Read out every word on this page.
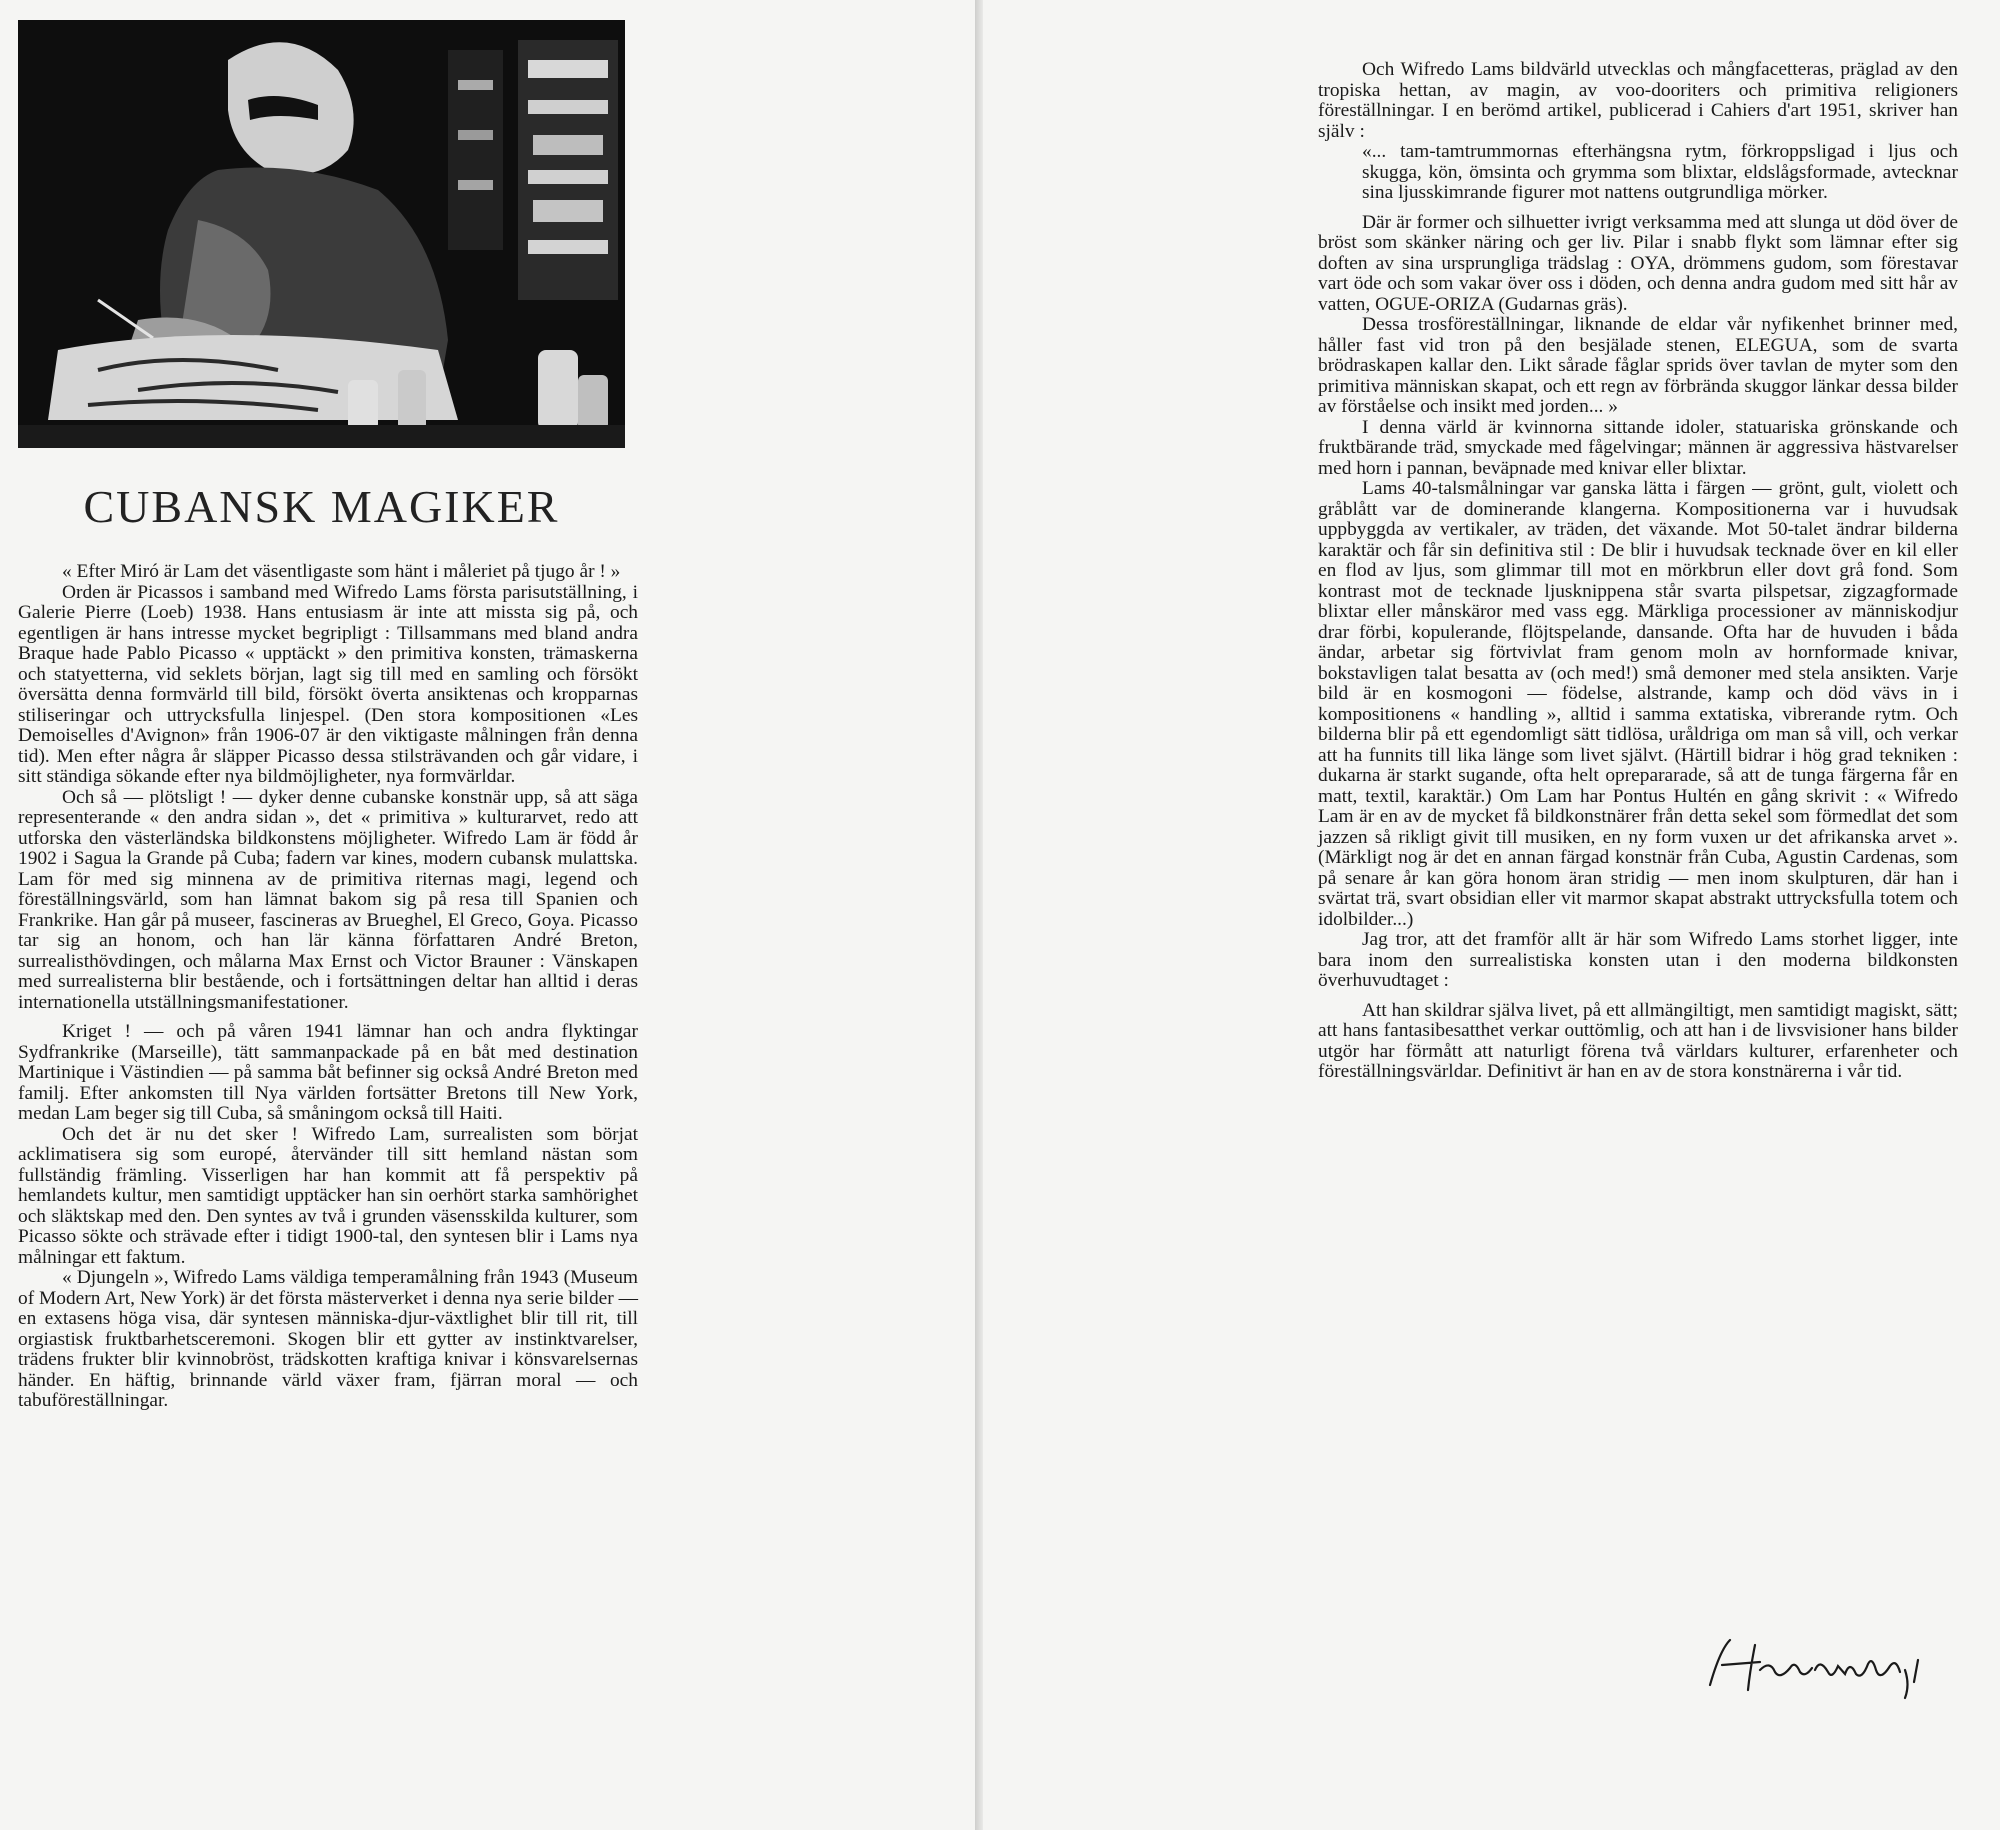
CUBANSK MAGIKER

« Efter Miró är Lam det väsentligaste som hänt i måleriet på tjugo år ! »

Orden är Picassos i samband med Wifredo Lams första parisutställning, i Galerie Pierre (Loeb) 1938. Hans entusiasm är inte att missta sig på, och egentligen är hans intresse mycket begripligt : Tillsammans med bland andra Braque hade Pablo Picasso « upptäckt » den primitiva konsten, trämaskerna och statyetterna, vid seklets början, lagt sig till med en samling och försökt översätta denna formvärld till bild, försökt överta ansiktenas och kropparnas stiliseringar och uttrycksfulla linjespel. (Den stora kompositionen «Les Demoiselles d'Avignon» från 1906-07 är den viktigaste målningen från denna tid). Men efter några år släpper Picasso dessa stilsträvanden och går vidare, i sitt ständiga sökande efter nya bildmöjligheter, nya formvärldar.

Och så — plötsligt ! — dyker denne cubanske konstnär upp, så att säga representerande « den andra sidan », det « primitiva » kulturarvet, redo att utforska den västerländska bildkonstens möjligheter. Wifredo Lam är född år 1902 i Sagua la Grande på Cuba; fadern var kines, modern cubansk mulattska. Lam för med sig minnena av de primitiva riternas magi, legend och föreställningsvärld, som han lämnat bakom sig på resa till Spanien och Frankrike. Han går på museer, fascineras av Brueghel, El Greco, Goya. Picasso tar sig an honom, och han lär känna författaren André Breton, surrealisthövdingen, och målarna Max Ernst och Victor Brauner : Vänskapen med surrealisterna blir bestående, och i fortsättningen deltar han alltid i deras internationella utställningsmanifestationer.

Kriget ! — och på våren 1941 lämnar han och andra flyktingar Sydfrankrike (Marseille), tätt sammanpackade på en båt med destination Martinique i Västindien — på samma båt befinner sig också André Breton med familj. Efter ankomsten till Nya världen fortsätter Bretons till New York, medan Lam beger sig till Cuba, så småningom också till Haiti.

Och det är nu det sker ! Wifredo Lam, surrealisten som börjat acklimatisera sig som europé, återvänder till sitt hemland nästan som fullständig främling. Visserligen har han kommit att få perspektiv på hemlandets kultur, men samtidigt upptäcker han sin oerhört starka samhörighet och släktskap med den. Den syntes av två i grunden väsensskilda kulturer, som Picasso sökte och strävade efter i tidigt 1900-tal, den syntesen blir i Lams nya målningar ett faktum.

« Djungeln », Wifredo Lams väldiga temperamålning från 1943 (Museum of Modern Art, New York) är det första mästerverket i denna nya serie bilder — en extasens höga visa, där syntesen människa-djur-växtlighet blir till rit, till orgiastisk fruktbarhetsceremoni. Skogen blir ett gytter av instinktvarelser, trädens frukter blir kvinnobröst, trädskotten kraftiga knivar i könsvarelsernas händer. En häftig, brinnande värld växer fram, fjärran moral — och tabuföreställningar.

Och Wifredo Lams bildvärld utvecklas och mångfacetteras, präglad av den tropiska hettan, av magin, av voo-dooriters och primitiva religioners föreställningar. I en berömd artikel, publicerad i Cahiers d'art 1951, skriver han själv :

«... tam-tamtrummornas efterhängsna rytm, förkroppsligad i ljus och skugga, kön, ömsinta och grymma som blixtar, eldslågsformade, avtecknar sina ljusskimrande figurer mot nattens outgrundliga mörker.

Där är former och silhuetter ivrigt verksamma med att slunga ut död över de bröst som skänker näring och ger liv. Pilar i snabb flykt som lämnar efter sig doften av sina ursprungliga trädslag : OYA, drömmens gudom, som förestavar vart öde och som vakar över oss i döden, och denna andra gudom med sitt hår av vatten, OGUE-ORIZA (Gudarnas gräs).

Dessa trosföreställningar, liknande de eldar vår nyfikenhet brinner med, håller fast vid tron på den besjälade stenen, ELEGUA, som de svarta brödraskapen kallar den. Likt sårade fåglar sprids över tavlan de myter som den primitiva människan skapat, och ett regn av förbrända skuggor länkar dessa bilder av förståelse och insikt med jorden... »

I denna värld är kvinnorna sittande idoler, statuariska grönskande och fruktbärande träd, smyckade med fågelvingar; männen är aggressiva hästvarelser med horn i pannan, beväpnade med knivar eller blixtar.

Lams 40-talsmålningar var ganska lätta i färgen — grönt, gult, violett och gråblått var de dominerande klangerna. Kompositionerna var i huvudsak uppbyggda av vertikaler, av träden, det växande. Mot 50-talet ändrar bilderna karaktär och får sin definitiva stil : De blir i huvudsak tecknade över en kil eller en flod av ljus, som glimmar till mot en mörkbrun eller dovt grå fond. Som kontrast mot de tecknade ljusknippena står svarta pilspetsar, zigzagformade blixtar eller månskäror med vass egg. Märkliga processioner av människodjur drar förbi, kopulerande, flöjtspelande, dansande. Ofta har de huvuden i båda ändar, arbetar sig förtvivlat fram genom moln av hornformade knivar, bokstavligen talat besatta av (och med!) små demoner med stela ansikten. Varje bild är en kosmogoni — födelse, alstrande, kamp och död vävs in i kompositionens « handling », alltid i samma extatiska, vibrerande rytm. Och bilderna blir på ett egendomligt sätt tidlösa, uråldriga om man så vill, och verkar att ha funnits till lika länge som livet självt. (Härtill bidrar i hög grad tekniken : dukarna är starkt sugande, ofta helt oprepararade, så att de tunga färgerna får en matt, textil, karaktär.) Om Lam har Pontus Hultén en gång skrivit : « Wifredo Lam är en av de mycket få bildkonstnärer från detta sekel som förmedlat det som jazzen så rikligt givit till musiken, en ny form vuxen ur det afrikanska arvet ». (Märkligt nog är det en annan färgad konstnär från Cuba, Agustin Cardenas, som på senare år kan göra honom äran stridig — men inom skulpturen, där han i svärtat trä, svart obsidian eller vit marmor skapat abstrakt uttrycksfulla totem och idolbilder...)

Jag tror, att det framför allt är här som Wifredo Lams storhet ligger, inte bara inom den surrealistiska konsten utan i den moderna bildkonsten överhuvudtaget :

Att han skildrar själva livet, på ett allmängiltigt, men samtidigt magiskt, sätt; att hans fantasibesatthet verkar outtömlig, och att han i de livsvisioner hans bilder utgör har förmått att naturligt förena två världars kulturer, erfarenheter och föreställningsvärldar. Definitivt är han en av de stora konstnärerna i vår tid.
